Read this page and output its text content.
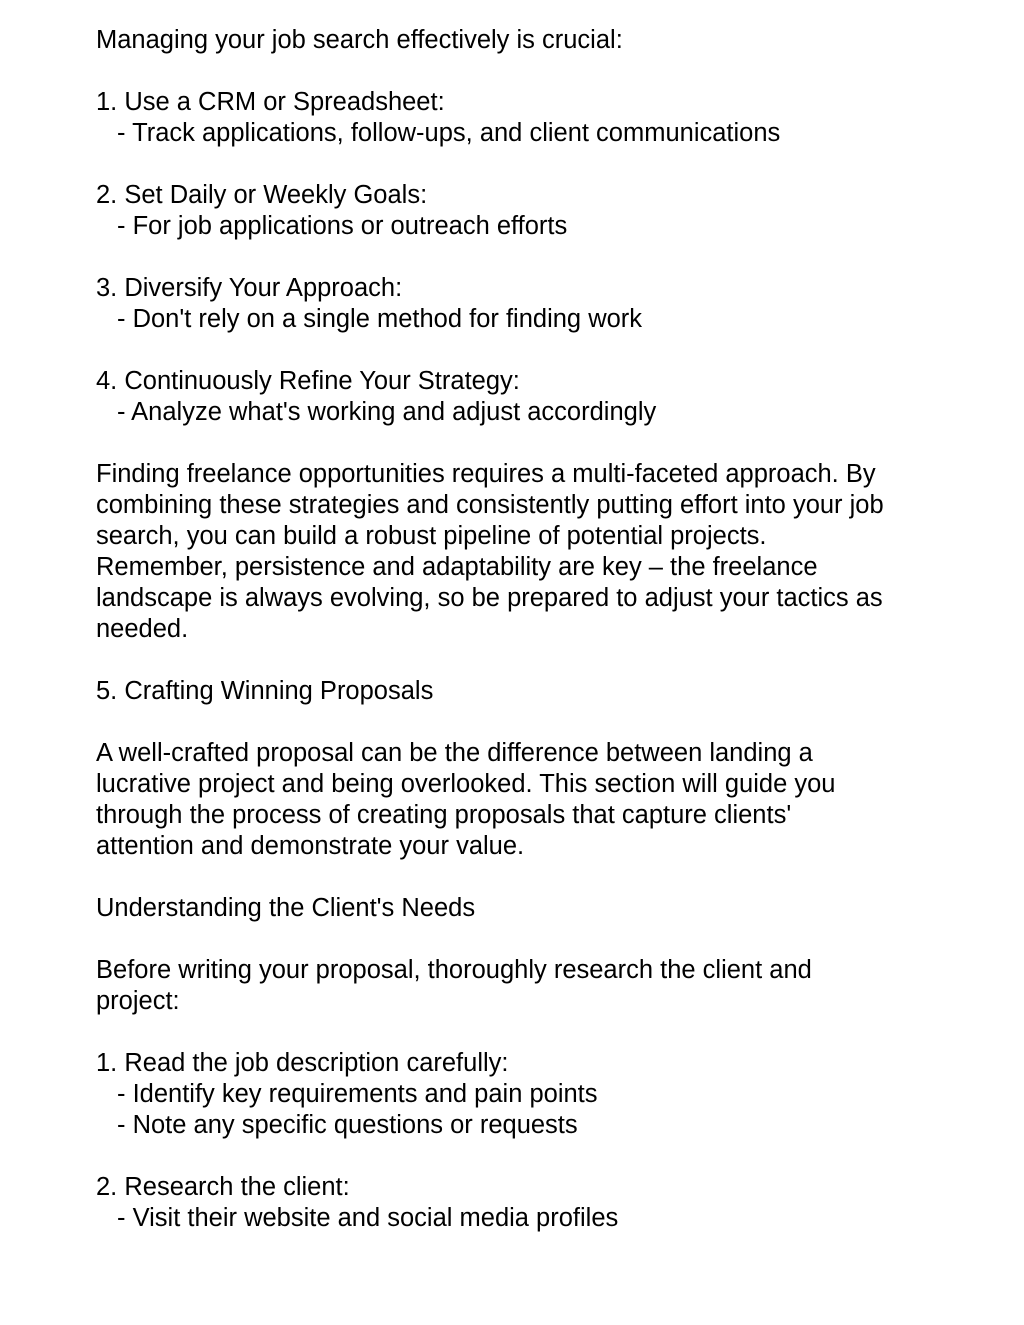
Managing your job search effectively is crucial:
1. Use a CRM or Spreadsheet:
- Track applications, follow-ups, and client communications
2. Set Daily or Weekly Goals:
- For job applications or outreach efforts
3. Diversify Your Approach:
- Don't rely on a single method for finding work
4. Continuously Refine Your Strategy:
- Analyze what's working and adjust accordingly
Finding freelance opportunities requires a multi-faceted approach. By
combining these strategies and consistently putting effort into your job
search, you can build a robust pipeline of potential projects.
Remember, persistence and adaptability are key – the freelance
landscape is always evolving, so be prepared to adjust your tactics as
needed.
5. Crafting Winning Proposals
A well-crafted proposal can be the difference between landing a
lucrative project and being overlooked. This section will guide you
through the process of creating proposals that capture clients'
attention and demonstrate your value.
Understanding the Client's Needs
Before writing your proposal, thoroughly research the client and
project:
1. Read the job description carefully:
- Identify key requirements and pain points
- Note any specific questions or requests
2. Research the client:
- Visit their website and social media profiles
